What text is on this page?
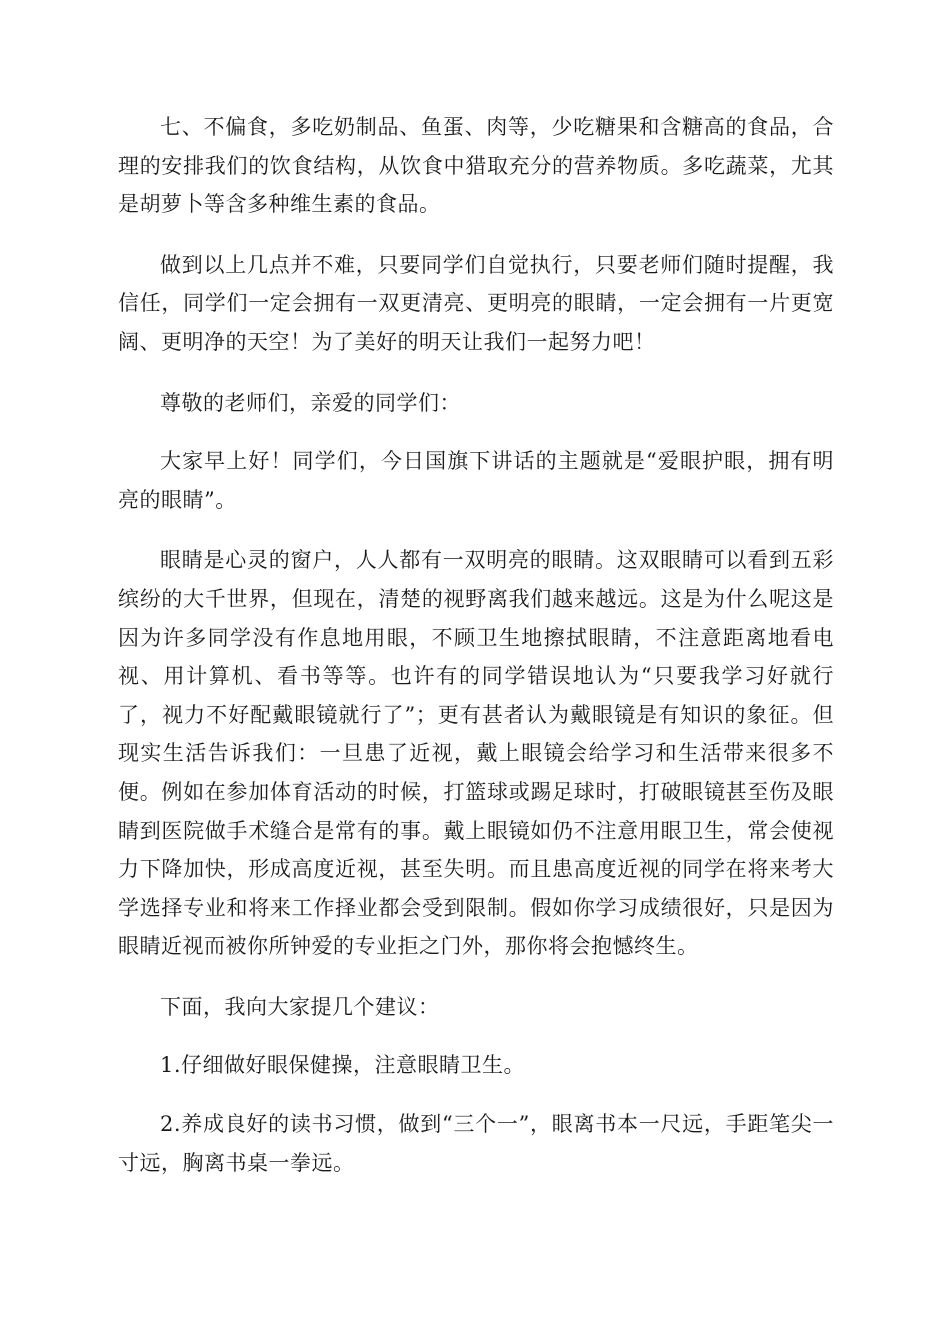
七、不偏食，多吃奶制品、鱼蛋、肉等，少吃糖果和含糖高的食品，合理的安排我们的饮食结构，从饮食中猎取充分的营养物质。多吃蔬菜，尤其是胡萝卜等含多种维生素的食品。

做到以上几点并不难，只要同学们自觉执行，只要老师们随时提醒，我信任，同学们一定会拥有一双更清亮、更明亮的眼睛，一定会拥有一片更宽阔、更明净的天空！为了美好的明天让我们一起努力吧！

尊敬的老师们，亲爱的同学们：

大家早上好！同学们，今日国旗下讲话的主题就是“爱眼护眼，拥有明亮的眼睛”。

眼睛是心灵的窗户，人人都有一双明亮的眼睛。这双眼睛可以看到五彩缤纷的大千世界，但现在，清楚的视野离我们越来越远。这是为什么呢这是因为许多同学没有作息地用眼，不顾卫生地擦拭眼睛，不注意距离地看电视、用计算机、看书等等。也许有的同学错误地认为“只要我学习好就行了，视力不好配戴眼镜就行了”；更有甚者认为戴眼镜是有知识的象征。但现实生活告诉我们：一旦患了近视，戴上眼镜会给学习和生活带来很多不便。例如在参加体育活动的时候，打篮球或踢足球时，打破眼镜甚至伤及眼睛到医院做手术缝合是常有的事。戴上眼镜如仍不注意用眼卫生，常会使视力下降加快，形成高度近视，甚至失明。而且患高度近视的同学在将来考大学选择专业和将来工作择业都会受到限制。假如你学习成绩很好，只是因为眼睛近视而被你所钟爱的专业拒之门外，那你将会抱憾终生。

下面，我向大家提几个建议：

1.仔细做好眼保健操，注意眼睛卫生。

2.养成良好的读书习惯，做到“三个一”，眼离书本一尺远，手距笔尖一寸远，胸离书桌一拳远。
